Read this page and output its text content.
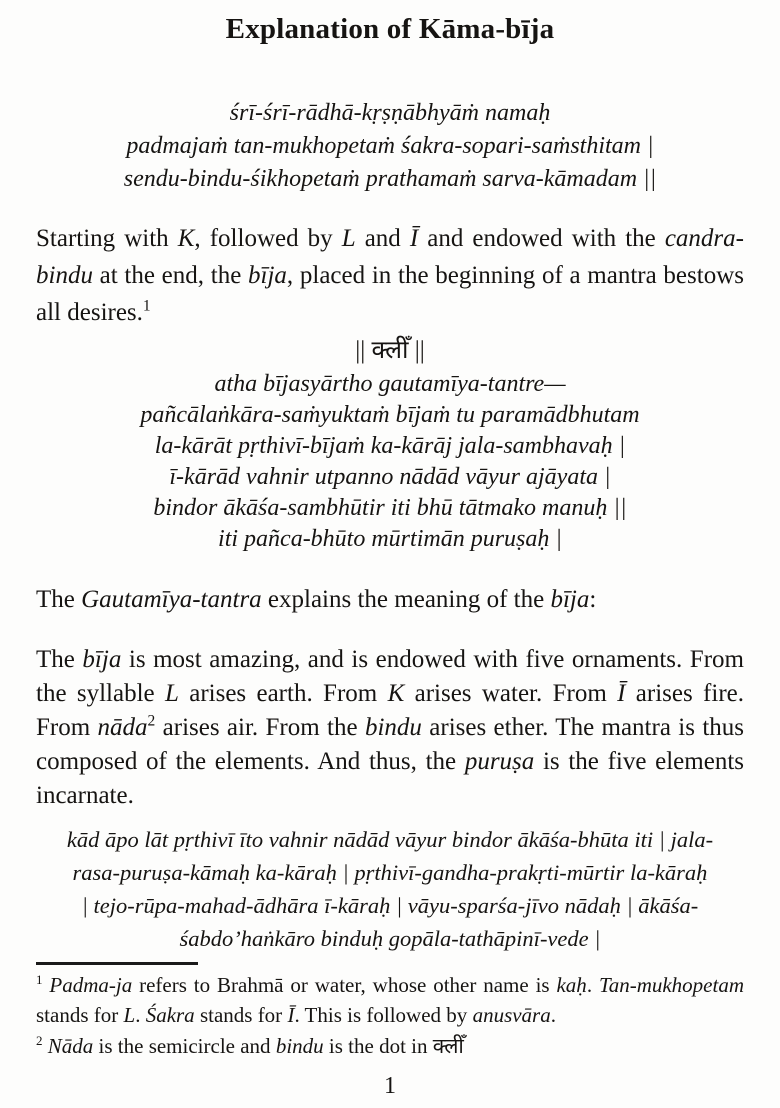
Explanation of Kāma-bīja
śrī-śrī-rādhā-kṛṣṇābhyāṁ namaḥ
padmajaṁ tan-mukhopetaṁ śakra-sopari-saṁsthitam |
sendu-bindu-śikhopetaṁ prathamaṁ sarva-kāmadam ||
Starting with K, followed by L and Ī and endowed with the candra-bindu at the end, the bīja, placed in the beginning of a mantra bestows all desires.$^1$
|| क्लीँ ||
atha bījasyārtho gautamīya-tantre—
pañcālaṅkāra-saṁyuktaṁ bījaṁ tu paramādbhutam
la-kārāt pṛthivī-bījaṁ ka-kārāj jala-sambhavaḥ |
ī-kārād vahnir utpanno nādād vāyur ajāyata |
bindor ākāśa-sambhūtir iti bhū tātmako manuḥ ||
iti pañca-bhūto mūrtimān puruṣaḥ |
The Gautamīya-tantra explains the meaning of the bīja:
The bīja is most amazing, and is endowed with five ornaments. From the syllable L arises earth. From K arises water. From Ī arises fire. From nāda$^2$ arises air. From the bindu arises ether. The mantra is thus composed of the elements. And thus, the puruṣa is the five elements incarnate.
kād āpo lāt pṛthivī īto vahnir nādād vāyur bindor ākāśa-bhūta iti | jala-
rasa-puruṣa-kāmaḥ ka-kāraḥ | pṛthivī-gandha-prakṛti-mūrtir la-kāraḥ
| tejo-rūpa-mahad-ādhāra ī-kāraḥ | vāyu-sparśa-jīvo nādaḥ | ākāśa-
śabdo’haṅkāro binduḥ gopāla-tathāpinī-vede |
$^1$ Padma-ja refers to Brahmā or water, whose other name is kaḥ. Tan-mukhopetam stands for L. Śakra stands for Ī. This is followed by anusvāra.
$^2$ Nāda is the semicircle and bindu is the dot in क्लीँ
1
